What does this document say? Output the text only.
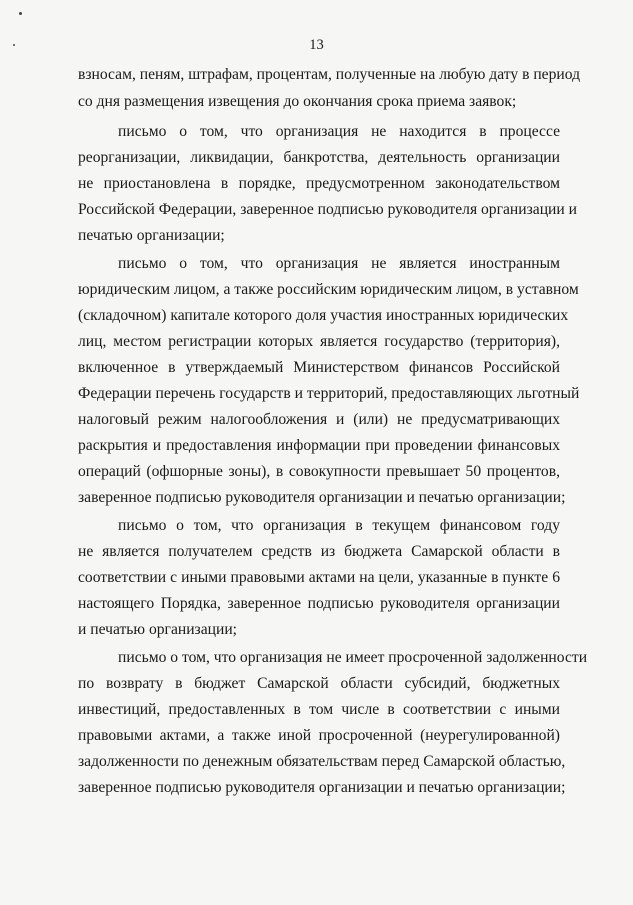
13
взносам, пеням, штрафам, процентам, полученные на любую дату в период
со дня размещения извещения до окончания срока приема заявок;
письмо о том, что организация не находится в процессе
реорганизации, ликвидации, банкротства, деятельность организации
не приостановлена в порядке, предусмотренном законодательством
Российской Федерации, заверенное подписью руководителя организации и
печатью организации;
письмо о том, что организация не является иностранным
юридическим лицом, а также российским юридическим лицом, в уставном
(складочном) капитале которого доля участия иностранных юридических
лиц, местом регистрации которых является государство (территория),
включенное в утверждаемый Министерством финансов Российской
Федерации перечень государств и территорий, предоставляющих льготный
налоговый режим налогообложения и (или) не предусматривающих
раскрытия и предоставления информации при проведении финансовых
операций (офшорные зоны), в совокупности превышает 50 процентов,
заверенное подписью руководителя организации и печатью организации;
письмо о том, что организация в текущем финансовом году
не является получателем средств из бюджета Самарской области в
соответствии с иными правовыми актами на цели, указанные в пункте 6
настоящего Порядка, заверенное подписью руководителя организации
и печатью организации;
письмо о том, что организация не имеет просроченной задолженности
по возврату в бюджет Самарской области субсидий, бюджетных
инвестиций, предоставленных в том числе в соответствии с иными
правовыми актами, а также иной просроченной (неурегулированной)
задолженности по денежным обязательствам перед Самарской областью,
заверенное подписью руководителя организации и печатью организации;
